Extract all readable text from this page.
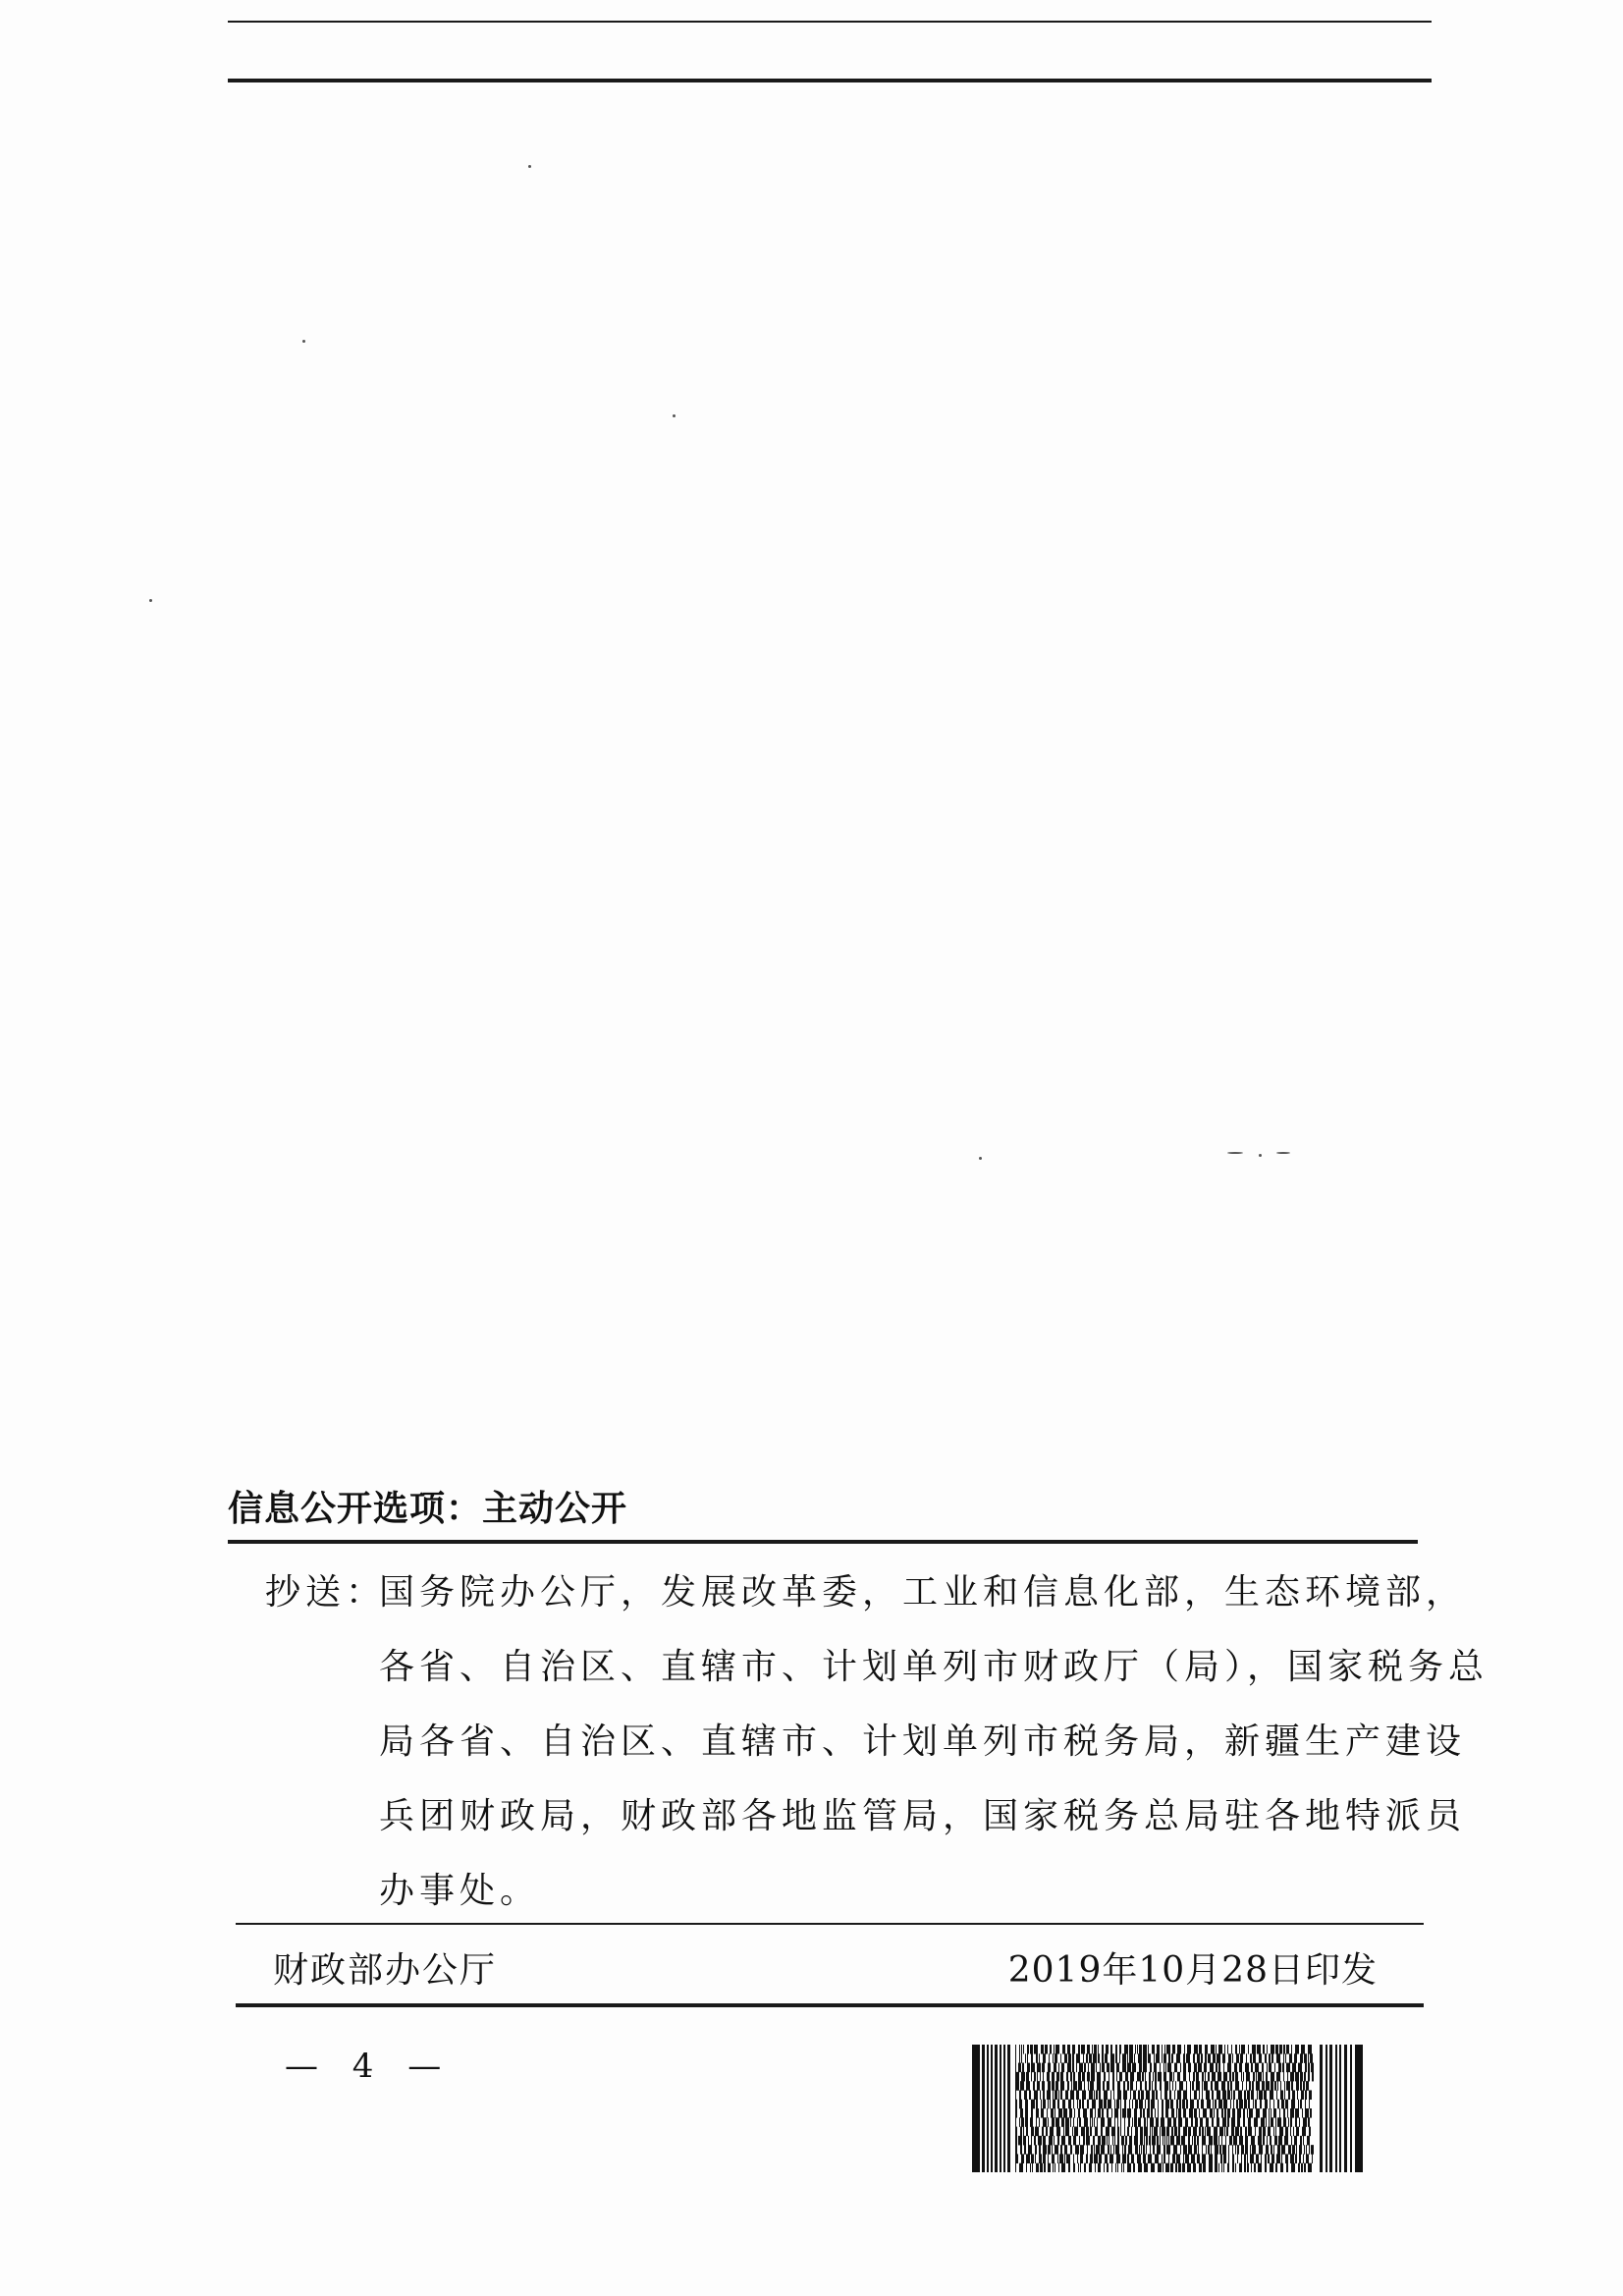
信息公开选项：主动公开
抄送：
国务院办公厅，发展改革委，工业和信息化部，生态环境部，
各省、自治区、直辖市、计划单列市财政厅（局），国家税务总
局各省、自治区、直辖市、计划单列市税务局，新疆生产建设
兵团财政局，财政部各地监管局，国家税务总局驻各地特派员
办事处。
财政部办公厅	2019年10月28日印发
— 4 —
